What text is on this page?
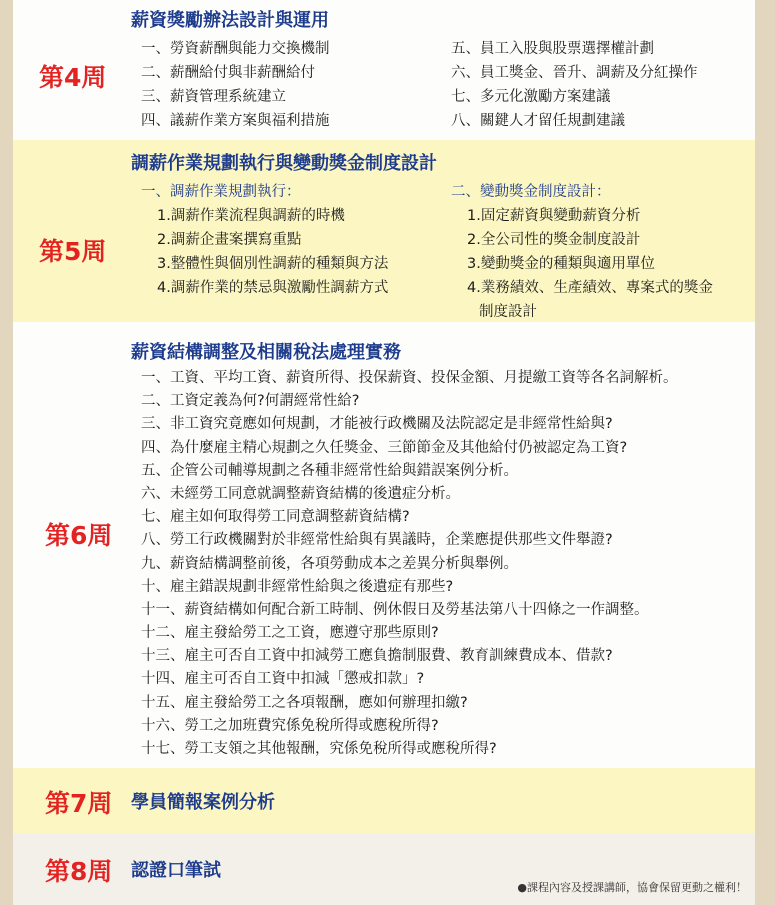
第4周
薪資獎勵辦法設計與運用
一、勞資薪酬與能力交換機制
二、薪酬給付與非薪酬給付
三、薪資管理系統建立
四、議薪作業方案與福利措施
五、員工入股與股票選擇權計劃
六、員工獎金、晉升、調薪及分紅操作
七、多元化激勵方案建議
八、關鍵人才留任規劃建議
第5周
調薪作業規劃執行與變動獎金制度設計
一、調薪作業規劃執行：
1.調薪作業流程與調薪的時機
2.調薪企畫案撰寫重點
3.整體性與個別性調薪的種類與方法
4.調薪作業的禁忌與激勵性調薪方式
二、變動獎金制度設計：
1.固定薪資與變動薪資分析
2.全公司性的獎金制度設計
3.變動獎金的種類與適用單位
4.業務績效、生產績效、專案式的獎金
制度設計
第6周
薪資結構調整及相關稅法處理實務
一、工資、平均工資、薪資所得、投保薪資、投保金額、月提繳工資等各名詞解析。
二、工資定義為何?何謂經常性給?
三、非工資究竟應如何規劃，才能被行政機關及法院認定是非經常性給與?
四、為什麼雇主精心規劃之久任獎金、三節節金及其他給付仍被認定為工資?
五、企管公司輔導規劃之各種非經常性給與錯誤案例分析。
六、未經勞工同意就調整薪資結構的後遺症分析。
七、雇主如何取得勞工同意調整薪資結構?
八、勞工行政機關對於非經常性給與有異議時，企業應提供那些文件舉證?
九、薪資結構調整前後，各項勞動成本之差異分析與舉例。
十、雇主錯誤規劃非經常性給與之後遺症有那些?
十一、薪資結構如何配合新工時制、例休假日及勞基法第八十四條之一作調整。
十二、雇主發給勞工之工資，應遵守那些原則?
十三、雇主可否自工資中扣減勞工應負擔制服費、教育訓練費成本、借款?
十四、雇主可否自工資中扣減「懲戒扣款」?
十五、雇主發給勞工之各項報酬，應如何辦理扣繳?
十六、勞工之加班費究係免稅所得或應稅所得?
十七、勞工支領之其他報酬，究係免稅所得或應稅所得?
第7周 學員簡報案例分析
第8周 認證口筆試
●課程內容及授課講師，協會保留更動之權利！
